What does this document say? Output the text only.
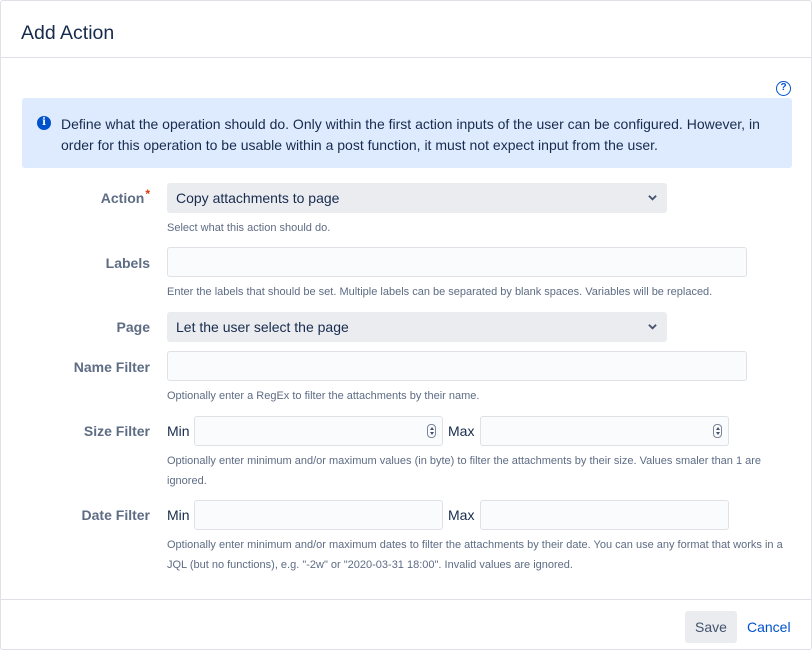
Add Action
?
i	Define what the operation should do. Only within the first action inputs of the user can be configured. However, in order for this operation to be usable within a post function, it must not expect input from the user.
Action*	Copy attachments to page
Select what this action should do.
Labels
Enter the labels that should be set. Multiple labels can be separated by blank spaces. Variables will be replaced.
Page	Let the user select the page
Name Filter
Optionally enter a RegEx to filter the attachments by their name.
Size Filter Min	Max
Optionally enter minimum and/or maximum values (in byte) to filter the attachments by their size. Values smaler than 1 are ignored.
Date Filter Min	Max
Optionally enter minimum and/or maximum dates to filter the attachments by their date. You can use any format that works in a JQL (but no functions), e.g. "-2w" or "2020-03-31 18:00". Invalid values are ignored.
Save	Cancel
